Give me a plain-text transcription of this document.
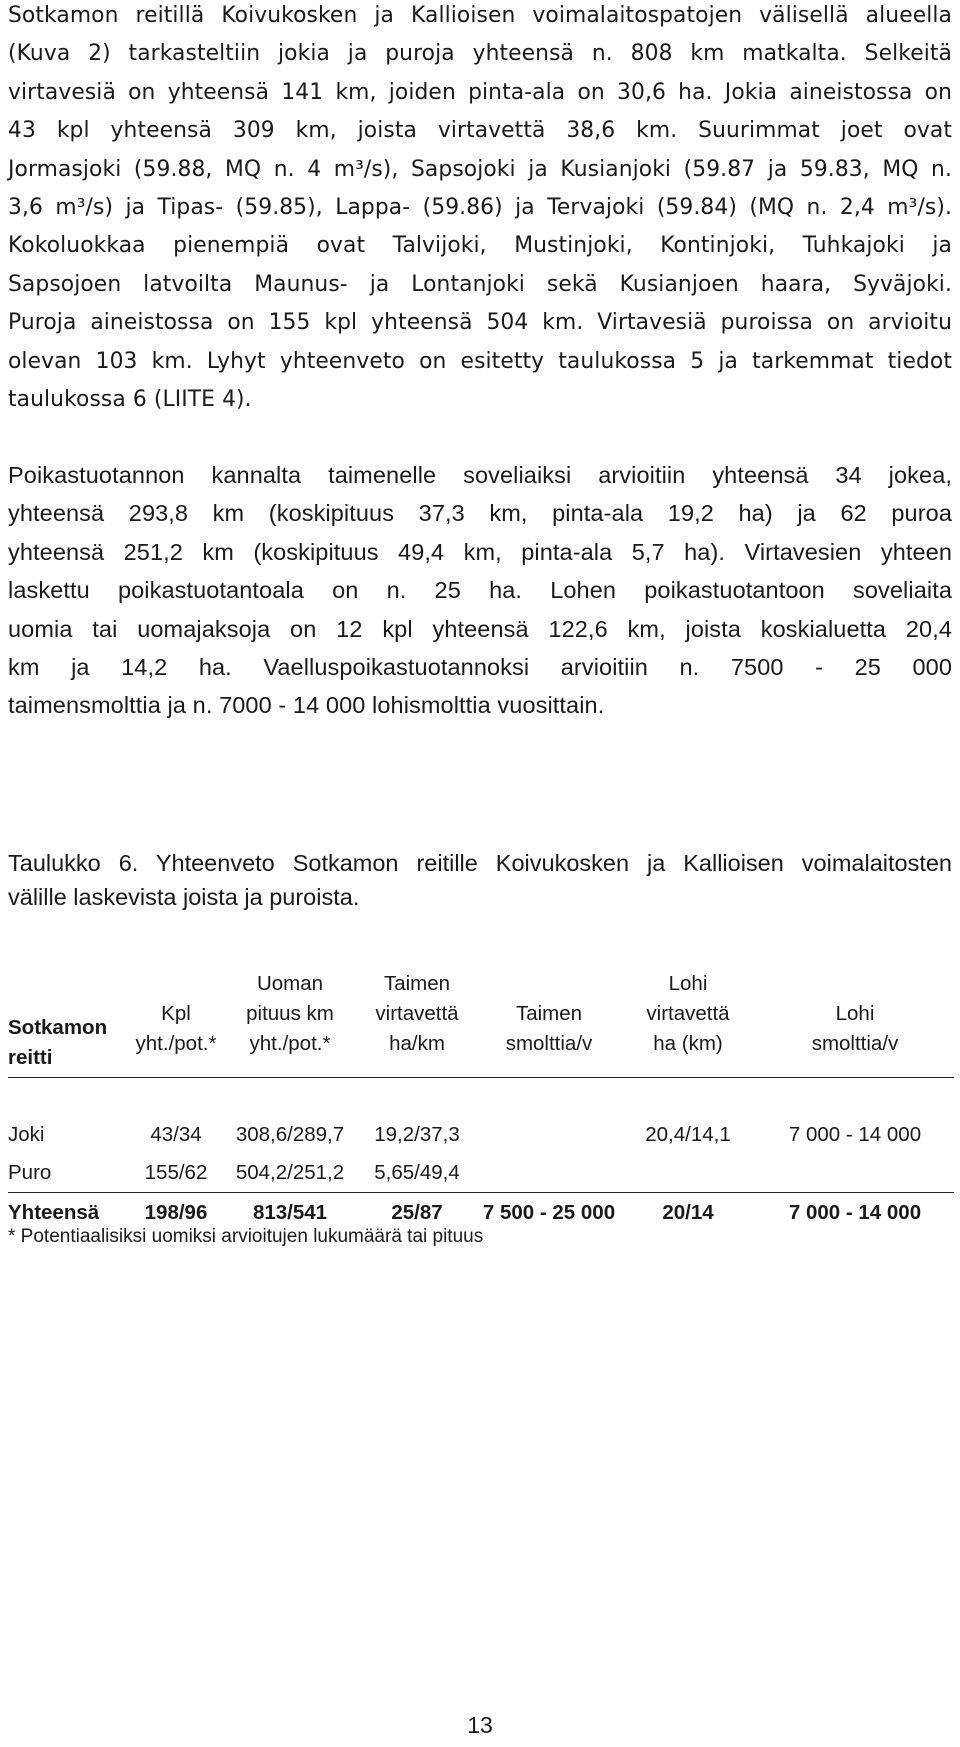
Sotkamon reitillä Koivukosken ja Kallioisen voimalaitospatojen välisellä alueella
(Kuva 2) tarkasteltiin jokia ja puroja yhteensä n. 808 km matkalta. Selkeitä
virtavesiä on yhteensä 141 km, joiden pinta-ala on 30,6 ha. Jokia aineistossa on
43 kpl yhteensä 309 km, joista virtavettä 38,6 km. Suurimmat joet ovat
Jormasjoki (59.88, MQ n. 4 m³/s), Sapsojoki ja Kusianjoki (59.87 ja 59.83, MQ n.
3,6 m³/s) ja Tipas- (59.85), Lappa- (59.86) ja Tervajoki (59.84) (MQ n. 2,4 m³/s).
Kokoluokkaa pienempiä ovat Talvijoki, Mustinjoki, Kontinjoki, Tuhkajoki ja
Sapsojoen latvoilta Maunus- ja Lontanjoki sekä Kusianjoen haara, Syväjoki.
Puroja aineistossa on 155 kpl yhteensä 504 km. Virtavesiä puroissa on arvioitu
olevan 103 km. Lyhyt yhteenveto on esitetty taulukossa 5 ja tarkemmat tiedot
taulukossa 6 (LIITE 4).
Poikastuotannon kannalta taimenelle soveliaiksi arvioitiin yhteensä 34 jokea,
yhteensä 293,8 km (koskipituus 37,3 km, pinta-ala 19,2 ha) ja 62 puroa
yhteensä 251,2 km (koskipituus 49,4 km, pinta-ala 5,7 ha). Virtavesien yhteen
laskettu poikastuotantoala on n. 25 ha. Lohen poikastuotantoon soveliaita
uomia tai uomajaksoja on 12 kpl yhteensä 122,6 km, joista koskialuetta 20,4
km ja 14,2 ha. Vaelluspoikastuotannoksi arvioitiin n. 7500 - 25 000
taimensmolttia ja n. 7000 - 14 000 lohismolttia vuosittain.
Taulukko 6. Yhteenveto Sotkamon reitille Koivukosken ja Kallioisen voimalaitosten
välille laskevista joista ja puroista.
Sotkamon reitti	Kpl
yht./pot.*	Uoman
pituus km
yht./pot.*	Taimen
virtavettä
ha/km	Taimen
smolttia/v	Lohi
virtavettä
ha (km)	Lohi
smolttia/v

Joki	43/34	308,6/289,7	19,2/37,3		20,4/14,1	7 000 - 14 000
Puro	155/62	504,2/251,2	5,65/49,4			
Yhteensä	198/96	813/541	25/87	7 500 - 25 000	20/14	7 000 - 14 000
* Potentiaalisiksi uomiksi arvioitujen lukumäärä tai pituus
13
